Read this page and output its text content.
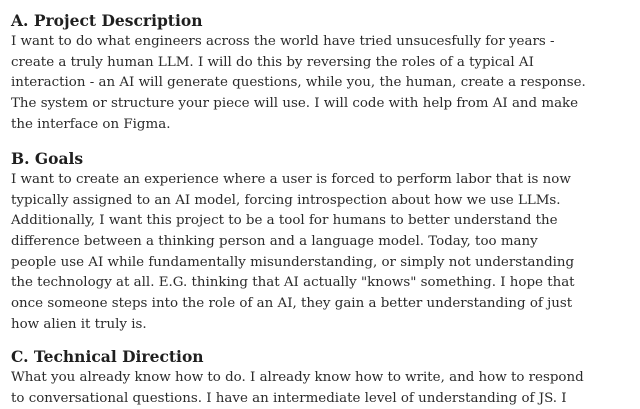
A. Project Description
I want to do what engineers across the world have tried unsucesfully for years -
create a truly human LLM. I will do this by reversing the roles of a typical AI
interaction - an AI will generate questions, while you, the human, create a response.
The system or structure your piece will use. I will code with help from AI and make
the interface on Figma.
B. Goals
I want to create an experience where a user is forced to perform labor that is now
typically assigned to an AI model, forcing introspection about how we use LLMs.
Additionally, I want this project to be a tool for humans to better understand the
difference between a thinking person and a language model. Today, too many
people use AI while fundamentally misunderstanding, or simply not understanding
the technology at all. E.G. thinking that AI actually "knows" something. I hope that
once someone steps into the role of an AI, they gain a better understanding of just
how alien it truly is.
C. Technical Direction
What you already know how to do. I already know how to write, and how to respond
to conversational questions. I have an intermediate level of understanding of JS. I
